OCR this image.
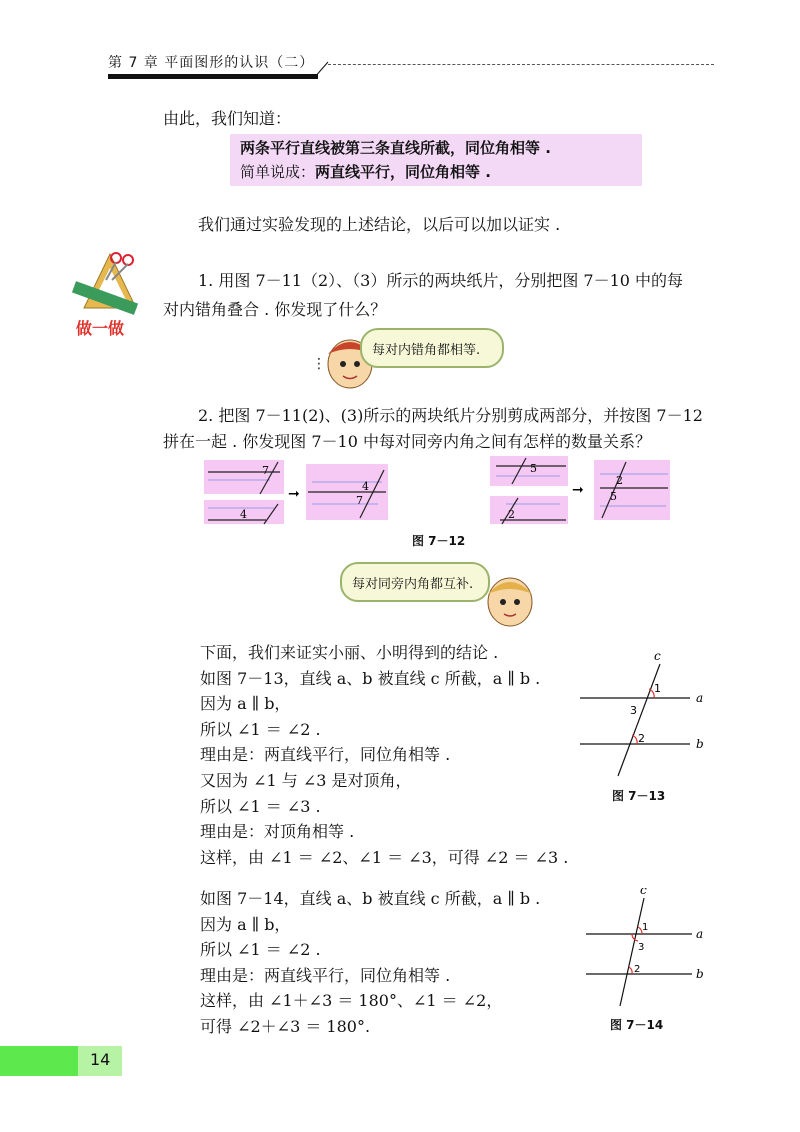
第 7 章 平面图形的认识（二）
由此，我们知道：
两条平行直线被第三条直线所截，同位角相等 .
简单说成：两直线平行，同位角相等 .
我们通过实验发现的上述结论，以后可以加以证实 .
做一做
1. 用图 7－11（2）、（3）所示的两块纸片，分别把图 7－10 中的每
对内错角叠合 . 你发现了什么？
⋮
每对内错角都相等.
2. 把图 7－11(2)、(3)所示的两块纸片分别剪成两部分，并按图 7－12
拼在一起 . 你发现图 7－10 中每对同旁内角之间有怎样的数量关系？
7
4
➞	4
7
5
2
➞
2
5
图 7－12
每对同旁内角都互补.
下面，我们来证实小丽、小明得到的结论 .
如图 7－13，直线 a、b 被直线 c 所截，a ∥ b .
因为 a ∥ b，
所以 ∠1 ＝ ∠2 .
理由是：两直线平行，同位角相等 .
又因为 ∠1 与 ∠3 是对顶角，
所以 ∠1 ＝ ∠3 .
理由是：对顶角相等 .
这样，由 ∠1 ＝ ∠2、∠1 ＝ ∠3，可得 ∠2 ＝ ∠3 .
c
a
b
1
3
2
图 7－13
如图 7－14，直线 a、b 被直线 c 所截，a ∥ b .
因为 a ∥ b，
所以 ∠1 ＝ ∠2 .
理由是：两直线平行，同位角相等 .
这样，由 ∠1＋∠3 ＝ 180°、∠1 ＝ ∠2，
可得 ∠2＋∠3 ＝ 180°.
c
a
b
1
3
2
图 7－14
14
